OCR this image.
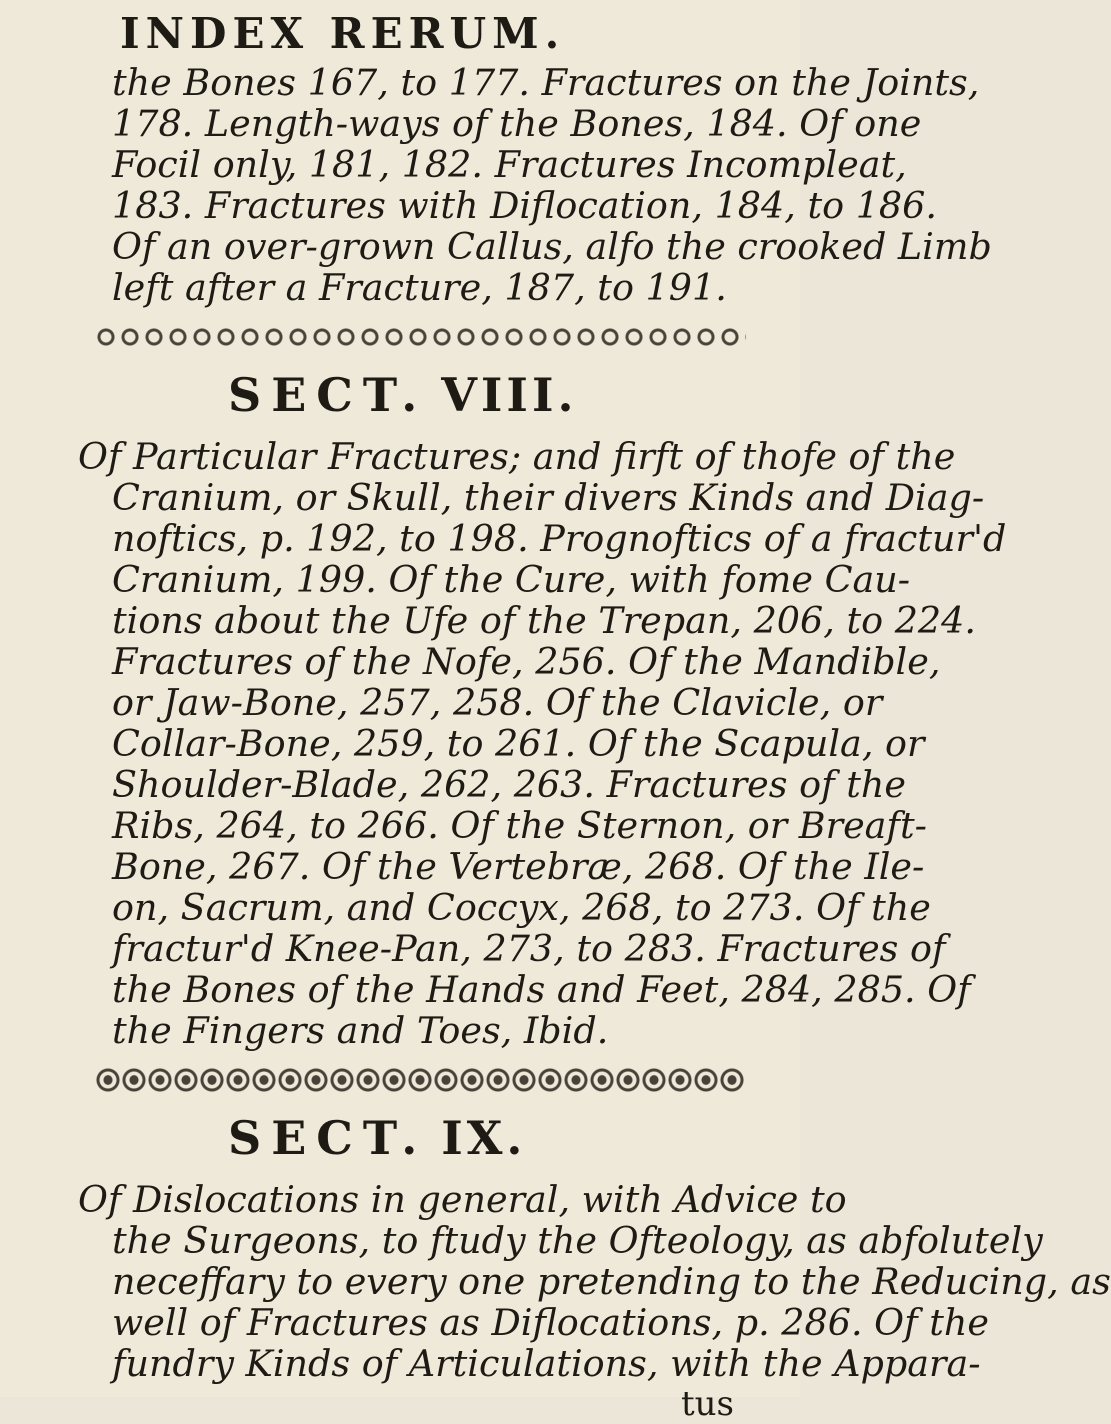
INDEX RERUM.

the Bones 167, to 177. Fractures on the Joints,
178. Length-ways of the Bones, 184. Of one
Focil only, 181, 182. Fractures Incompleat,
183. Fractures with Diflocation, 184, to 186.
Of an over-grown Callus, alfo the crooked Limb
left after a Fracture, 187, to 191.

SECT. VIII.

Of Particular Fractures; and firft of thofe of the
Cranium, or Skull, their divers Kinds and Diag-
noftics, p. 192, to 198. Prognoftics of a fractur'd
Cranium, 199. Of the Cure, with fome Cau-
tions about the Ufe of the Trepan, 206, to 224.
Fractures of the Nofe, 256. Of the Mandible,
or Jaw-Bone, 257, 258. Of the Clavicle, or
Collar-Bone, 259, to 261. Of the Scapula, or
Shoulder-Blade, 262, 263. Fractures of the
Ribs, 264, to 266. Of the Sternon, or Breaft-
Bone, 267. Of the Vertebræ, 268. Of the Ile-
on, Sacrum, and Coccyx, 268, to 273. Of the
fractur'd Knee-Pan, 273, to 283. Fractures of
the Bones of the Hands and Feet, 284, 285. Of
the Fingers and Toes, Ibid.

SECT. IX.

Of Dislocations in general, with Advice to
the Surgeons, to ftudy the Ofteology, as abfolutely
neceffary to every one pretending to the Reducing, as
well of Fractures as Diflocations, p. 286. Of the
fundry Kinds of Articulations, with the Appara-

tus
